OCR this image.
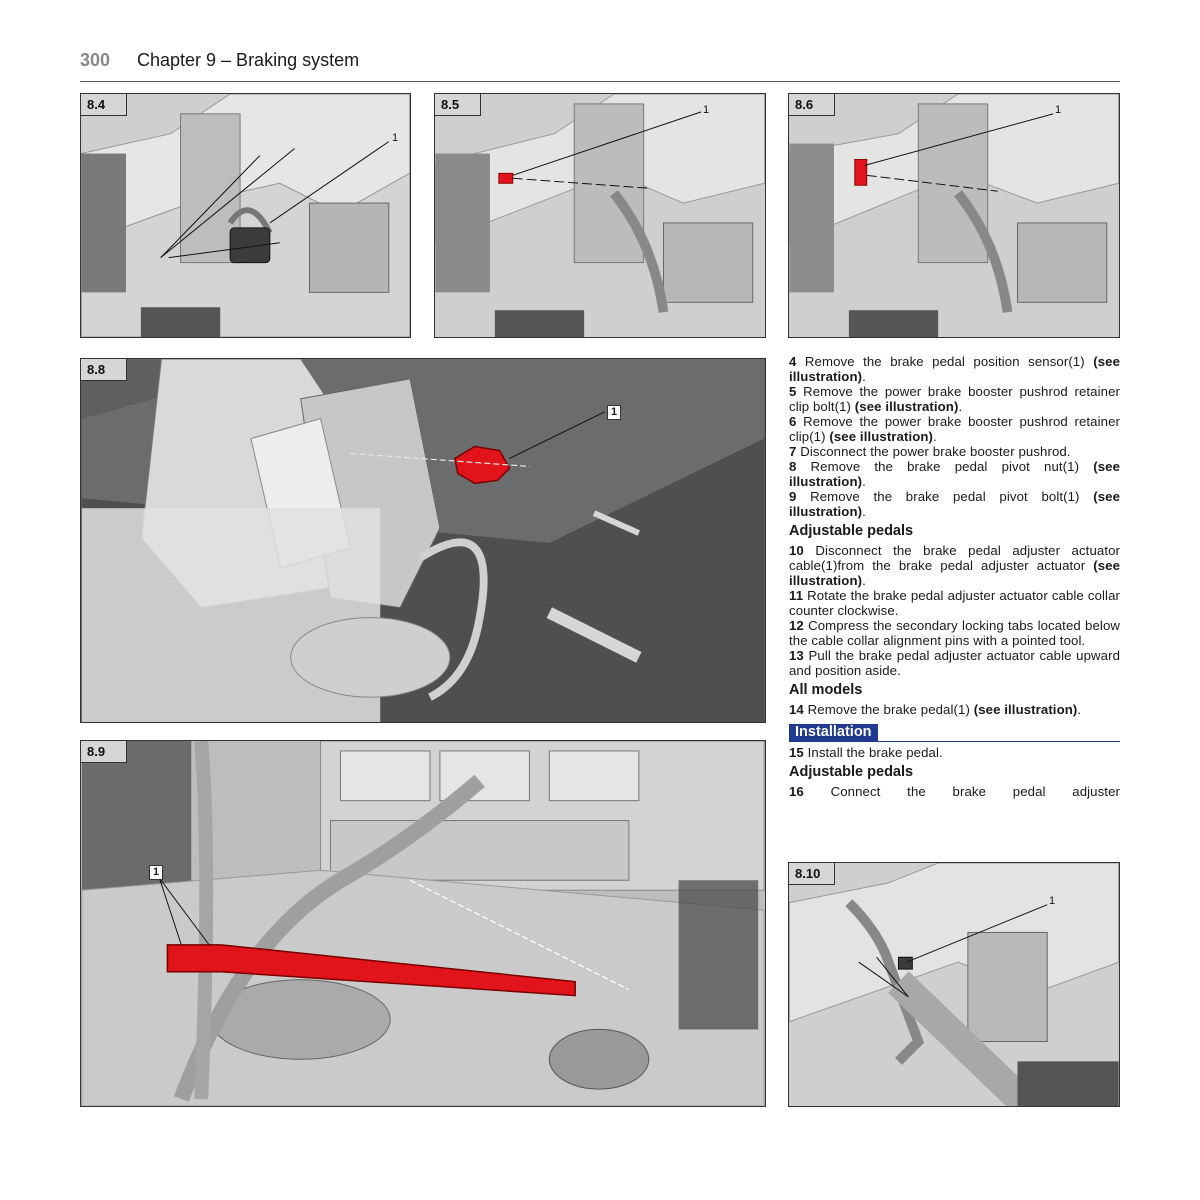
300 Chapter 9 – Braking system
8.4
1
8.5	1	8.6	1
8.8
1
8.9
1	8.10
1

4 Remove the brake pedal position sensor(1) (see illustration).

5 Remove the power brake booster pushrod retainer clip bolt(1) (see illustration).

6 Remove the power brake booster pushrod retainer clip(1) (see illustration).

7 Disconnect the power brake booster pushrod.

8 Remove the brake pedal pivot nut(1) (see illustration).

9 Remove the brake pedal pivot bolt(1) (see illustration).

Adjustable pedals

10 Disconnect the brake pedal adjuster actuator cable(1)from the brake pedal adjuster actuator (see illustration).

11 Rotate the brake pedal adjuster actuator cable collar counter clockwise.

12 Compress the secondary locking tabs located below the cable collar alignment pins with a pointed tool.

13 Pull the brake pedal adjuster actuator cable upward and position aside.

All models

14 Remove the brake pedal(1) (see illustration).

Installation

15 Install the brake pedal.

Adjustable pedals

16 Connect the brake pedal adjuster
